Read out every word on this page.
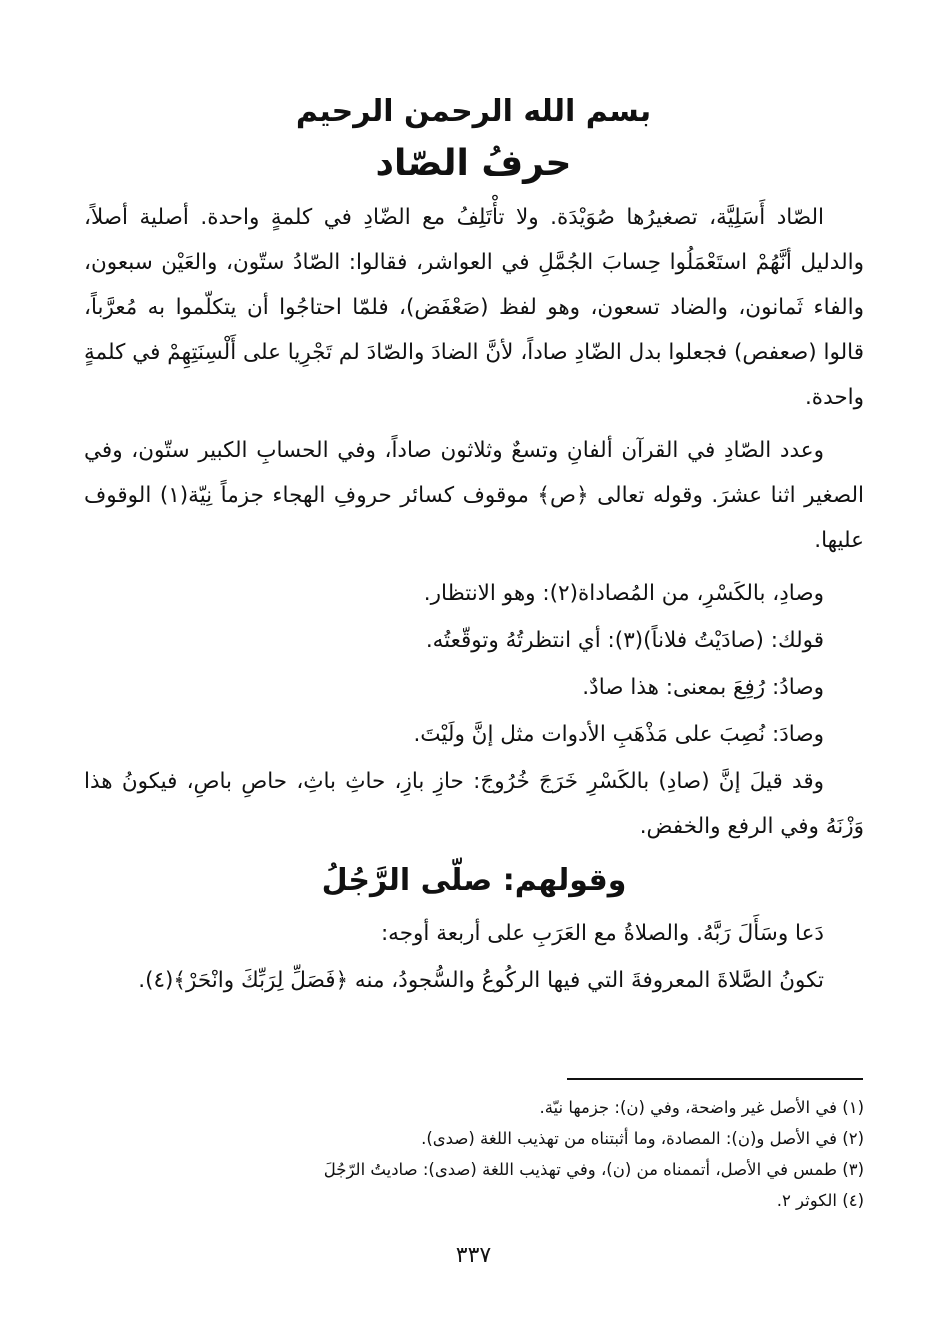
بسم الله الرحمن الرحيم
حرفُ الصّاد

الصّاد أَسَلِيَّة، تصغيرُها صُوَيْدَة. ولا تأْتَلِفُ مع الضّادِ في كلمةٍ واحدة. أصلية أصلاً، والدليل أنَّهُمْ استَعْمَلُوا حِسابَ الجُمَّلِ في العواشر، فقالوا: الصّادُ ستّون، والعَيْن سبعون، والفاء ثَمانون، والضاد تسعون، وهو لفظ (صَعْفَض)، فلمّا احتاجُوا أن يتكلّموا به مُعرَّباً، قالوا (صعفص) فجعلوا بدل الضّادِ صاداً، لأنَّ الضادَ والصّادَ لم تَجْرِيا على أَلْسِنَتِهِمْ في كلمةٍ واحدة.

وعدد الصّادِ في القرآن ألفانِ وتسعٌ وثلاثون صاداً، وفي الحسابِ الكبير ستّون، وفي الصغير اثنا عشرَ. وقوله تعالى ﴿ص﴾ موقوف كسائر حروفِ الهجاء جزماً نِيّة(١) الوقوف عليها.

وصادِ، بالكَسْرِ، من المُصاداة(٢): وهو الانتظار.

قولك: (صادَيْتُ فلاناً)(٣): أي انتظرتُهُ وتوقّعتُه.

وصادُ: رُفِعَ بمعنى: هذا صادٌ.

وصادَ: نُصِبَ على مَذْهَبِ الأدوات مثل إنَّ ولَيْتَ.

وقد قيلَ إنَّ (صادِ) بالكَسْرِ خَرَجَ خُرُوجَ: حازِ بازِ، حاثِ باثِ، حاصِ باصِ، فيكونُ هذا وَزْنَهُ وفي الرفع والخفض.

وقولهم: صلّى الرَّجُلُ

دَعا وسَأَلَ رَبَّهُ. والصلاةُ مع العَرَبِ على أربعة أوجه:

تكونُ الصَّلاةَ المعروفةَ التي فيها الركُوعُ والسُّجودُ، منه ﴿فَصَلِّ لِرَبِّكَ وانْحَرْ﴾(٤).

(١) في الأصل غير واضحة، وفي (ن): جزمها نيّة.

(٢) في الأصل و(ن): المصادة، وما أثبتناه من تهذيب اللغة (صدى).

(٣) طمس في الأصل، أتممناه من (ن)، وفي تهذيب اللغة (صدى): صاديتُ الرّجُلَ

(٤) الكوثر ٢.

٣٣٧
